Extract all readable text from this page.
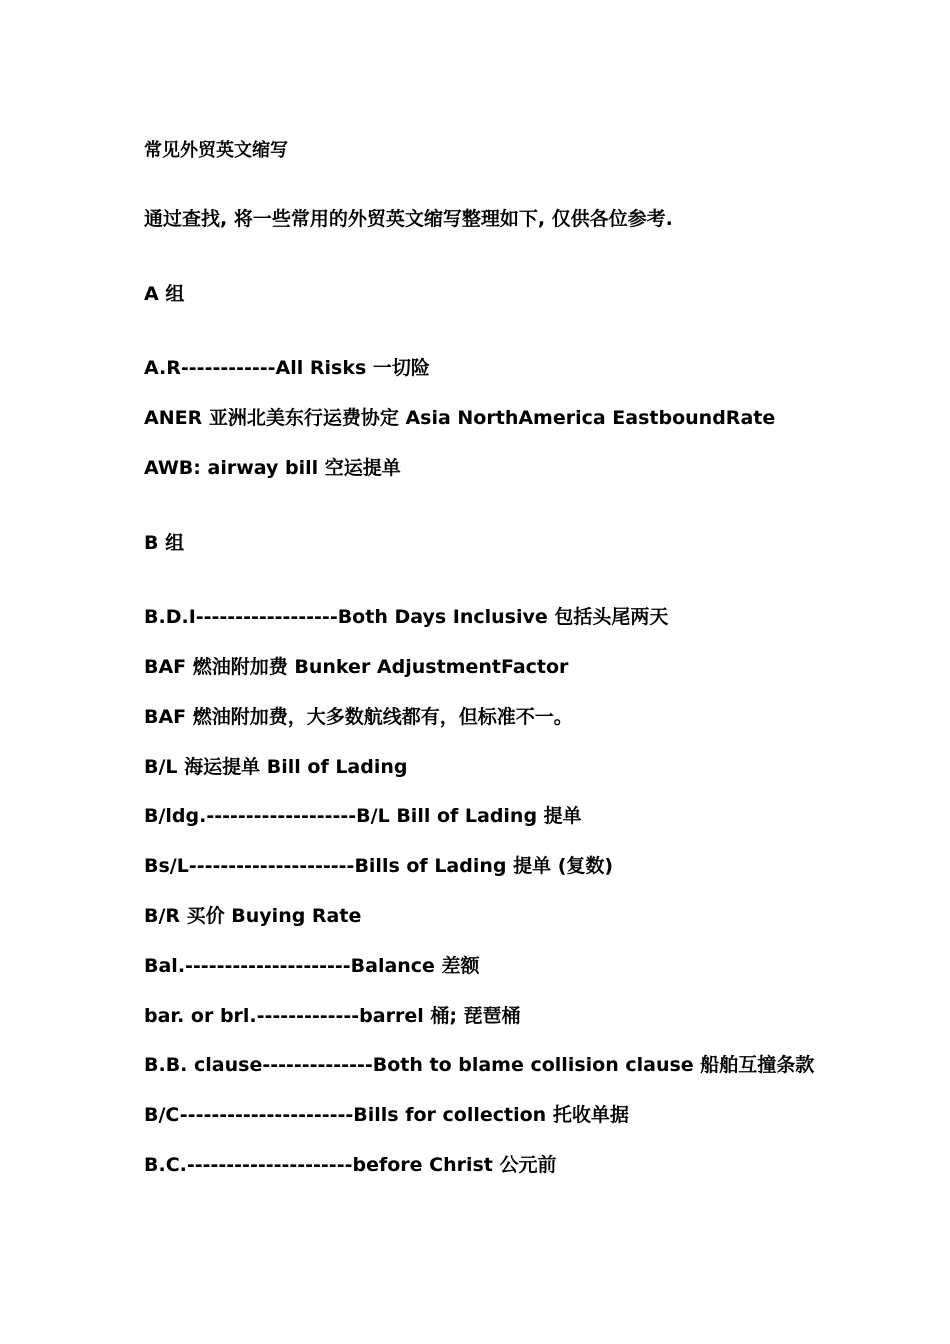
常见外贸英文缩写
通过查找, 将一些常用的外贸英文缩写整理如下, 仅供各位参考.
A 组
A.R------------All Risks 一切险
ANER 亚洲北美东行运费协定 Asia NorthAmerica EastboundRate
AWB: airway bill 空运提单
B 组
B.D.I------------------Both Days Inclusive 包括头尾两天
BAF 燃油附加费 Bunker AdjustmentFactor
BAF 燃油附加费，大多数航线都有，但标准不一。
B/L 海运提单 Bill of Lading
B/ldg.-------------------B/L Bill of Lading 提单
Bs/L---------------------Bills of Lading 提单 (复数)
B/R 买价 Buying Rate
Bal.---------------------Balance 差额
bar. or brl.-------------barrel 桶; 琵琶桶
B.B. clause--------------Both to blame collision clause 船舶互撞条款
B/C----------------------Bills for collection 托收单据
B.C.---------------------before Christ 公元前
